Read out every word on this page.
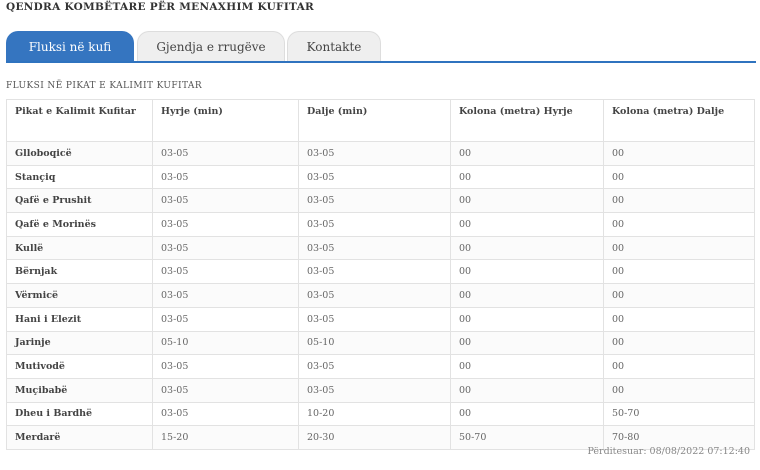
QENDRA KOMBËTARE PËR MENAXHIM KUFITAR
Fluksi në kufi	Gjendja e rrugëve	Kontakte
FLUKSI NË PIKAT E KALIMIT KUFITAR
Pikat e Kalimit Kufitar	Hyrje (min)	Dalje (min)	Kolona (metra) Hyrje	Kolona (metra) Dalje
Glloboqicë	03-05	03-05	00	00
Stançiq	03-05	03-05	00	00
Qafë e Prushit	03-05	03-05	00	00
Qafë e Morinës	03-05	03-05	00	00
Kullë	03-05	03-05	00	00
Bërnjak	03-05	03-05	00	00
Vërmicë	03-05	03-05	00	00
Hani i Elezit	03-05	03-05	00	00
Jarinje	05-10	05-10	00	00
Mutivodë	03-05	03-05	00	00
Muçibabë	03-05	03-05	00	00
Dheu i Bardhë	03-05	10-20	00	50-70
Merdarë	15-20	20-30	50-70	70-80
Përditesuar: 08/08/2022 07:12:40
